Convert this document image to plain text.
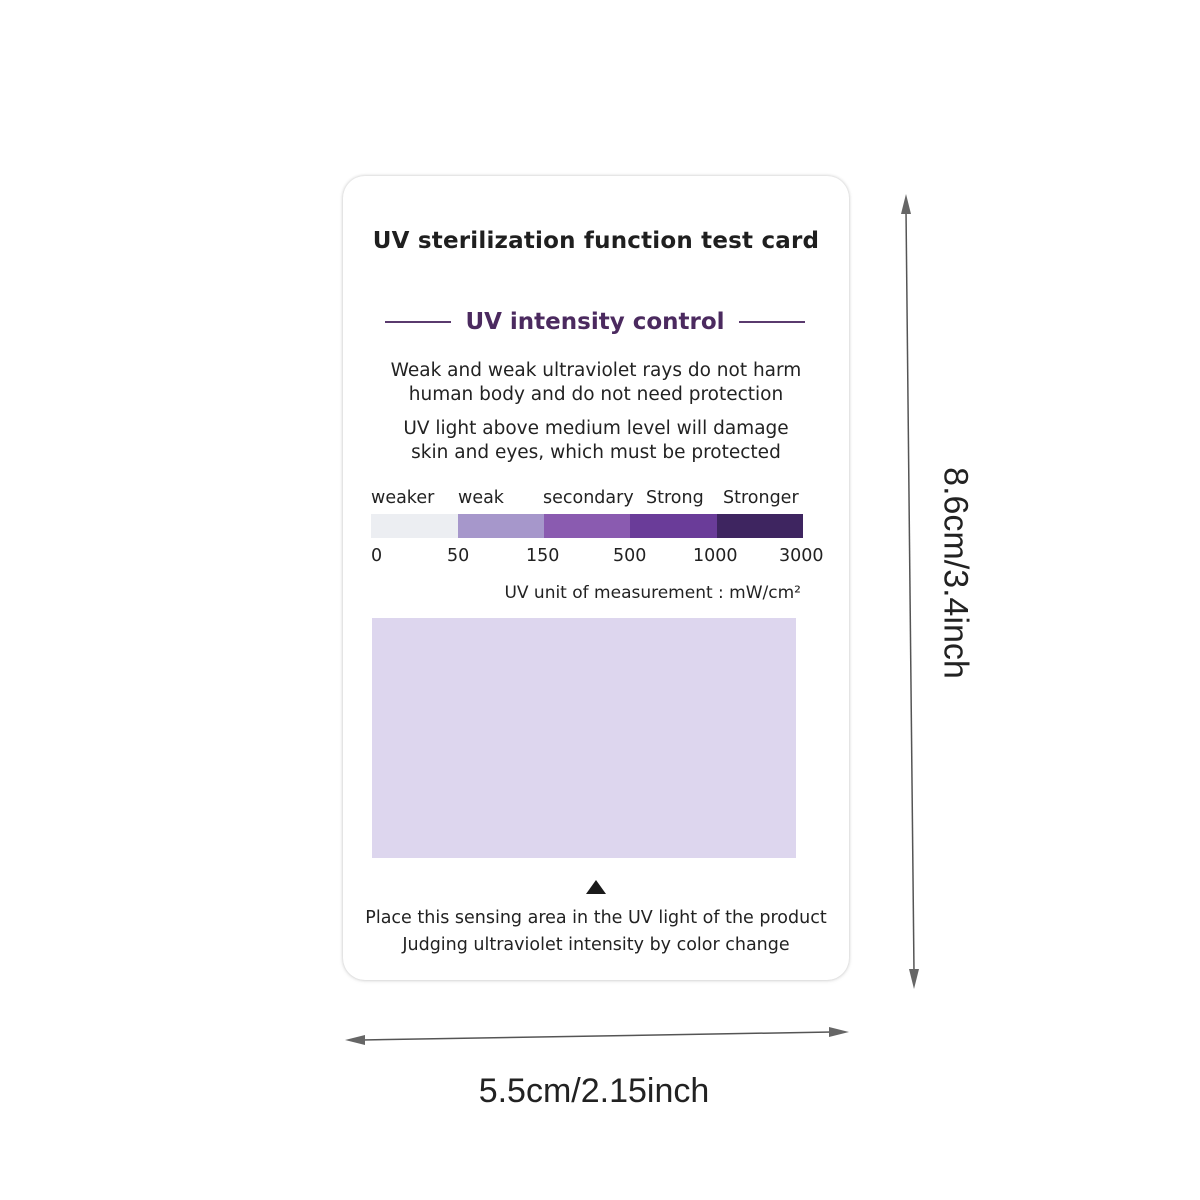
8.6cm/3.4inch
5.5cm/2.15inch
UV sterilization function test card
UV intensity control
Weak and weak ultraviolet rays do not harm
human body and do not need protection
UV light above medium level will damage
skin and eyes, which must be protected
weaker weak secondary Strong Stronger
0	50	150	500	1000 3000
UV unit of measurement : mW/cm²
Place this sensing area in the UV light of the product
Judging ultraviolet intensity by color change
